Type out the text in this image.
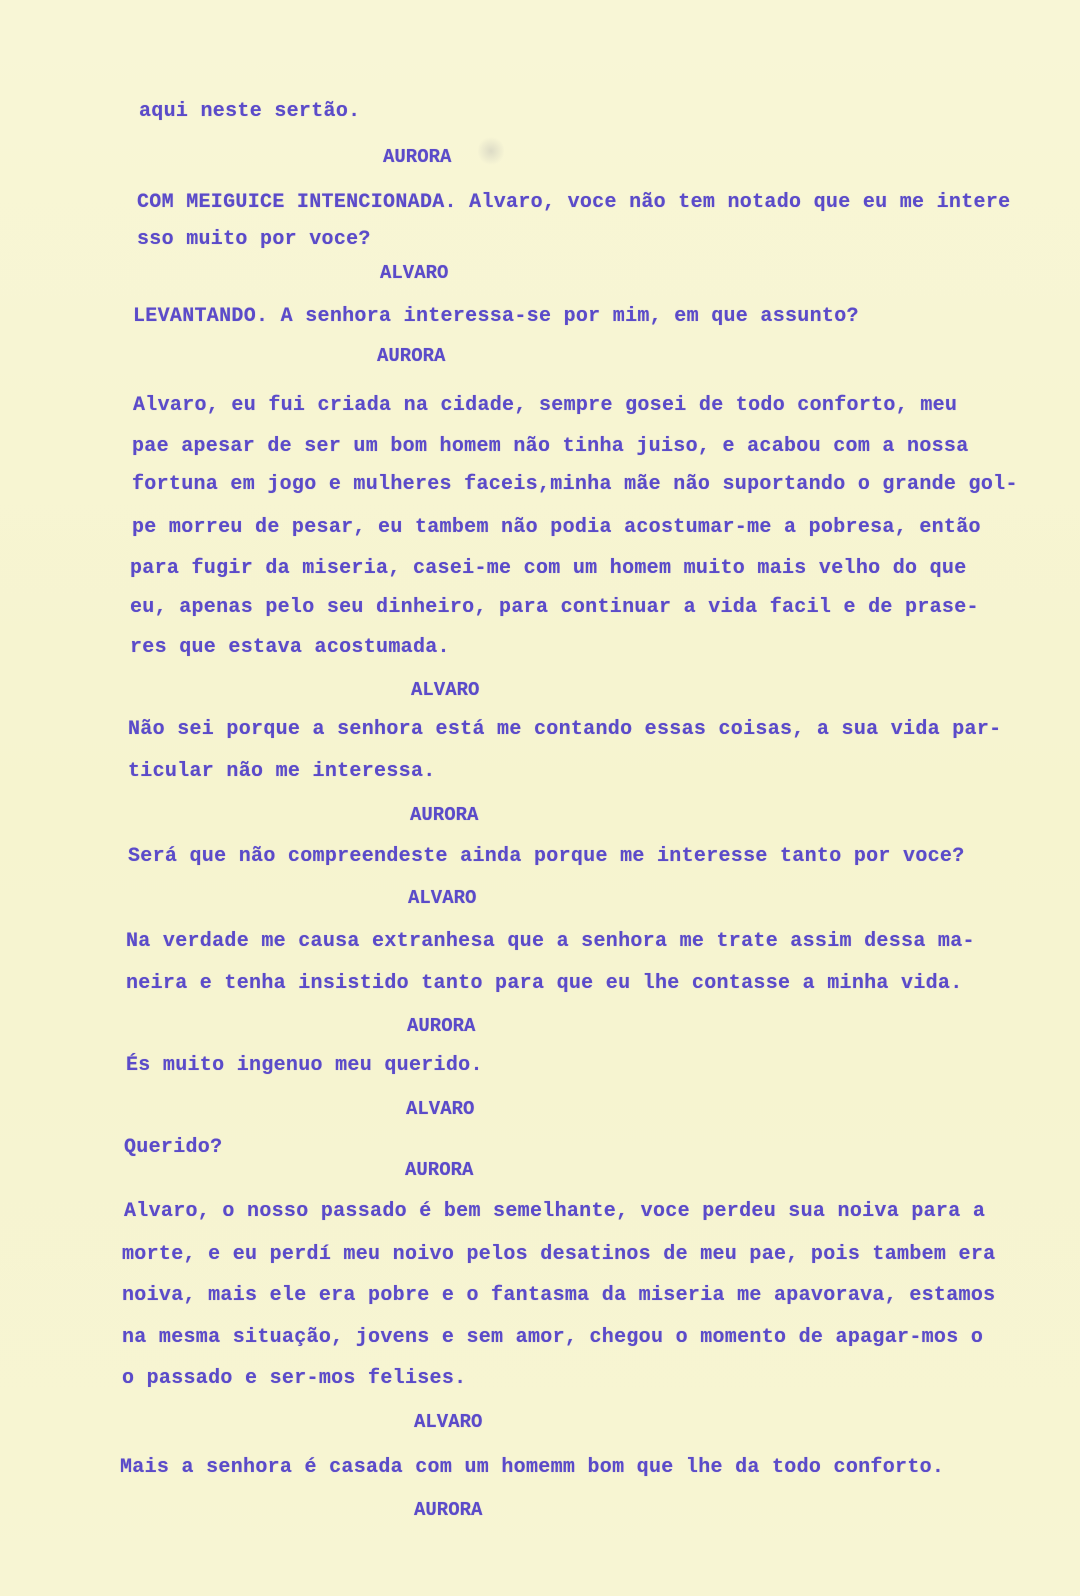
aqui neste sertão.
AURORA
COM MEIGUICE INTENCIONADA. Alvaro, voce não tem notado que eu me intere
sso muito por voce?
ALVARO
LEVANTANDO. A senhora interessa-se por mim, em que assunto?
AURORA
Alvaro, eu fui criada na cidade, sempre gosei de todo conforto, meu
pae apesar de ser um bom homem não tinha juiso, e acabou com a nossa
fortuna em jogo e mulheres faceis,minha mãe não suportando o grande gol-
pe morreu de pesar, eu tambem não podia acostumar-me a pobresa, então
para fugir da miseria, casei-me com um homem muito mais velho do que
eu, apenas pelo seu dinheiro, para continuar a vida facil e de prase-
res que estava acostumada.
ALVARO
Não sei porque a senhora está me contando essas coisas, a sua vida par-
ticular não me interessa.
AURORA
Será que não compreendeste ainda porque me interesse tanto por voce?
ALVARO
Na verdade me causa extranhesa que a senhora me trate assim dessa ma-
neira e tenha insistido tanto para que eu lhe contasse a minha vida.
AURORA
És muito ingenuo meu querido.
ALVARO
Querido?
AURORA
Alvaro, o nosso passado é bem semelhante, voce perdeu sua noiva para a
morte, e eu perdí meu noivo pelos desatinos de meu pae, pois tambem era
noiva, mais ele era pobre e o fantasma da miseria me apavorava, estamos
na mesma situação, jovens e sem amor, chegou o momento de apagar-mos o
o passado e ser-mos felises.
ALVARO
Mais a senhora é casada com um homemm bom que lhe da todo conforto.
AURORA
